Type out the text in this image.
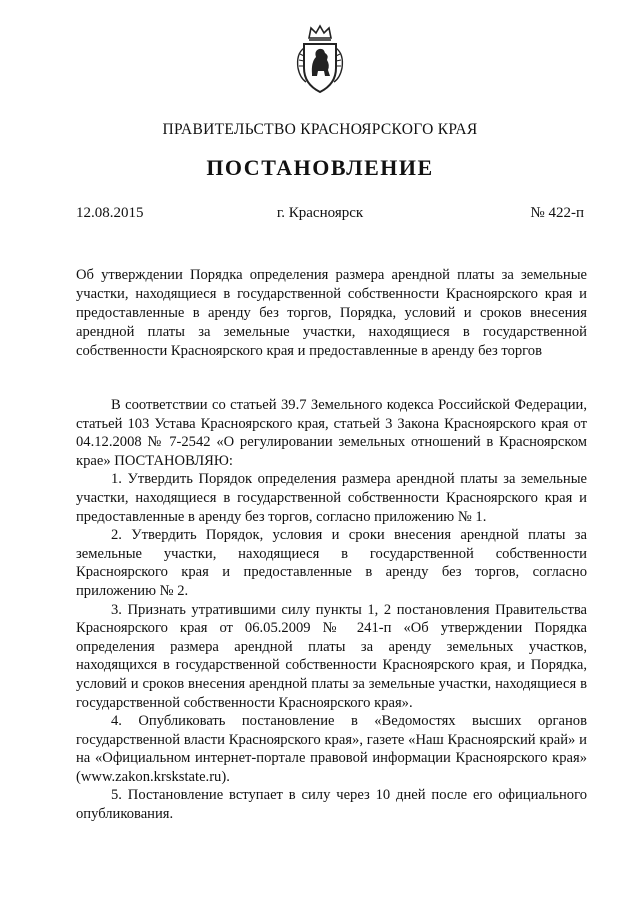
ПРАВИТЕЛЬСТВО КРАСНОЯРСКОГО КРАЯ
ПОСТАНОВЛЕНИЕ
12.08.2015	г. Красноярск	№ 422-п
Об утверждении Порядка определения размера арендной платы за земельные участки, находящиеся в государственной собственности Красноярского края и предоставленные в аренду без торгов, Порядка, условий и сроков внесения арендной платы за земельные участки, находящиеся в государственной собственности Красноярского края и предоставленные в аренду без торгов

В соответствии со статьей 39.7 Земельного кодекса Российской Федерации, статьей 103 Устава Красноярского края, статьей 3 Закона Красноярского края от 04.12.2008 № 7-2542 «О регулировании земельных отношений в Красноярском крае» ПОСТАНОВЛЯЮ:

1. Утвердить Порядок определения размера арендной платы за земельные участки, находящиеся в государственной собственности Красноярского края и предоставленные в аренду без торгов, согласно приложению № 1.

2. Утвердить Порядок, условия и сроки внесения арендной платы за земельные участки, находящиеся в государственной собственности Красноярского края и предоставленные в аренду без торгов, согласно приложению № 2.

3. Признать утратившими силу пункты 1, 2 постановления Правительства Красноярского края от 06.05.2009 № 241-п «Об утверждении Порядка определения размера арендной платы за аренду земельных участков, находящихся в государственной собственности Красноярского края, и Порядка, условий и сроков внесения арендной платы за земельные участки, находящиеся в государственной собственности Красноярского края».

4. Опубликовать постановление в «Ведомостях высших органов государственной власти Красноярского края», газете «Наш Красноярский край» и на «Официальном интернет-портале правовой информации Красноярского края» (www.zakon.krskstate.ru).

5. Постановление вступает в силу через 10 дней после его официального опубликования.
